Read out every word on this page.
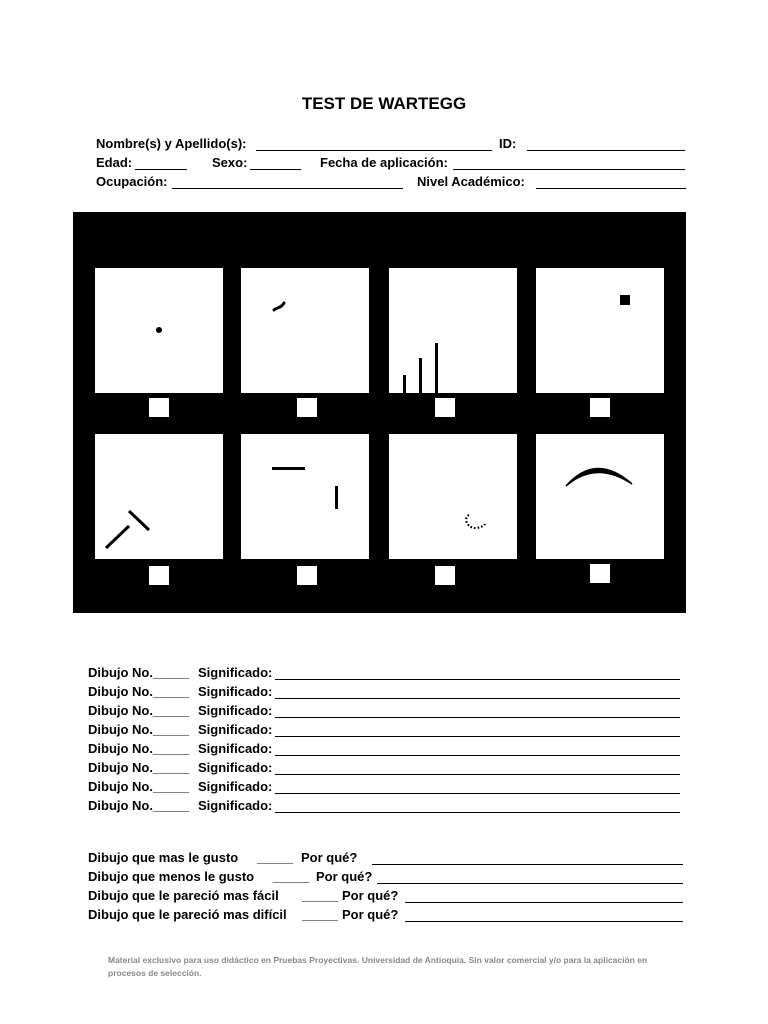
TEST DE WARTEGG
Nombre(s) y Apellido(s):	ID:
Edad:	Sexo:	Fecha de aplicación:
Ocupación:	Nivel Académico:
Dibujo No._____ Significado:
Dibujo No._____ Significado:
Dibujo No._____ Significado:
Dibujo No._____ Significado:
Dibujo No._____ Significado:
Dibujo No._____ Significado:
Dibujo No._____ Significado:
Dibujo No._____ Significado:
Dibujo que mas le gusto _____ Por qué?
Dibujo que menos le gusto _____ Por qué?
Dibujo que le pareció mas fácil _____ Por qué?
Dibujo que le pareció mas difícil _____ Por qué?
Material exclusivo para uso didáctico en Pruebas Proyectivas. Universidad de Antioquia. Sin valor comercial y/o para la aplicación en procesos de selección.
